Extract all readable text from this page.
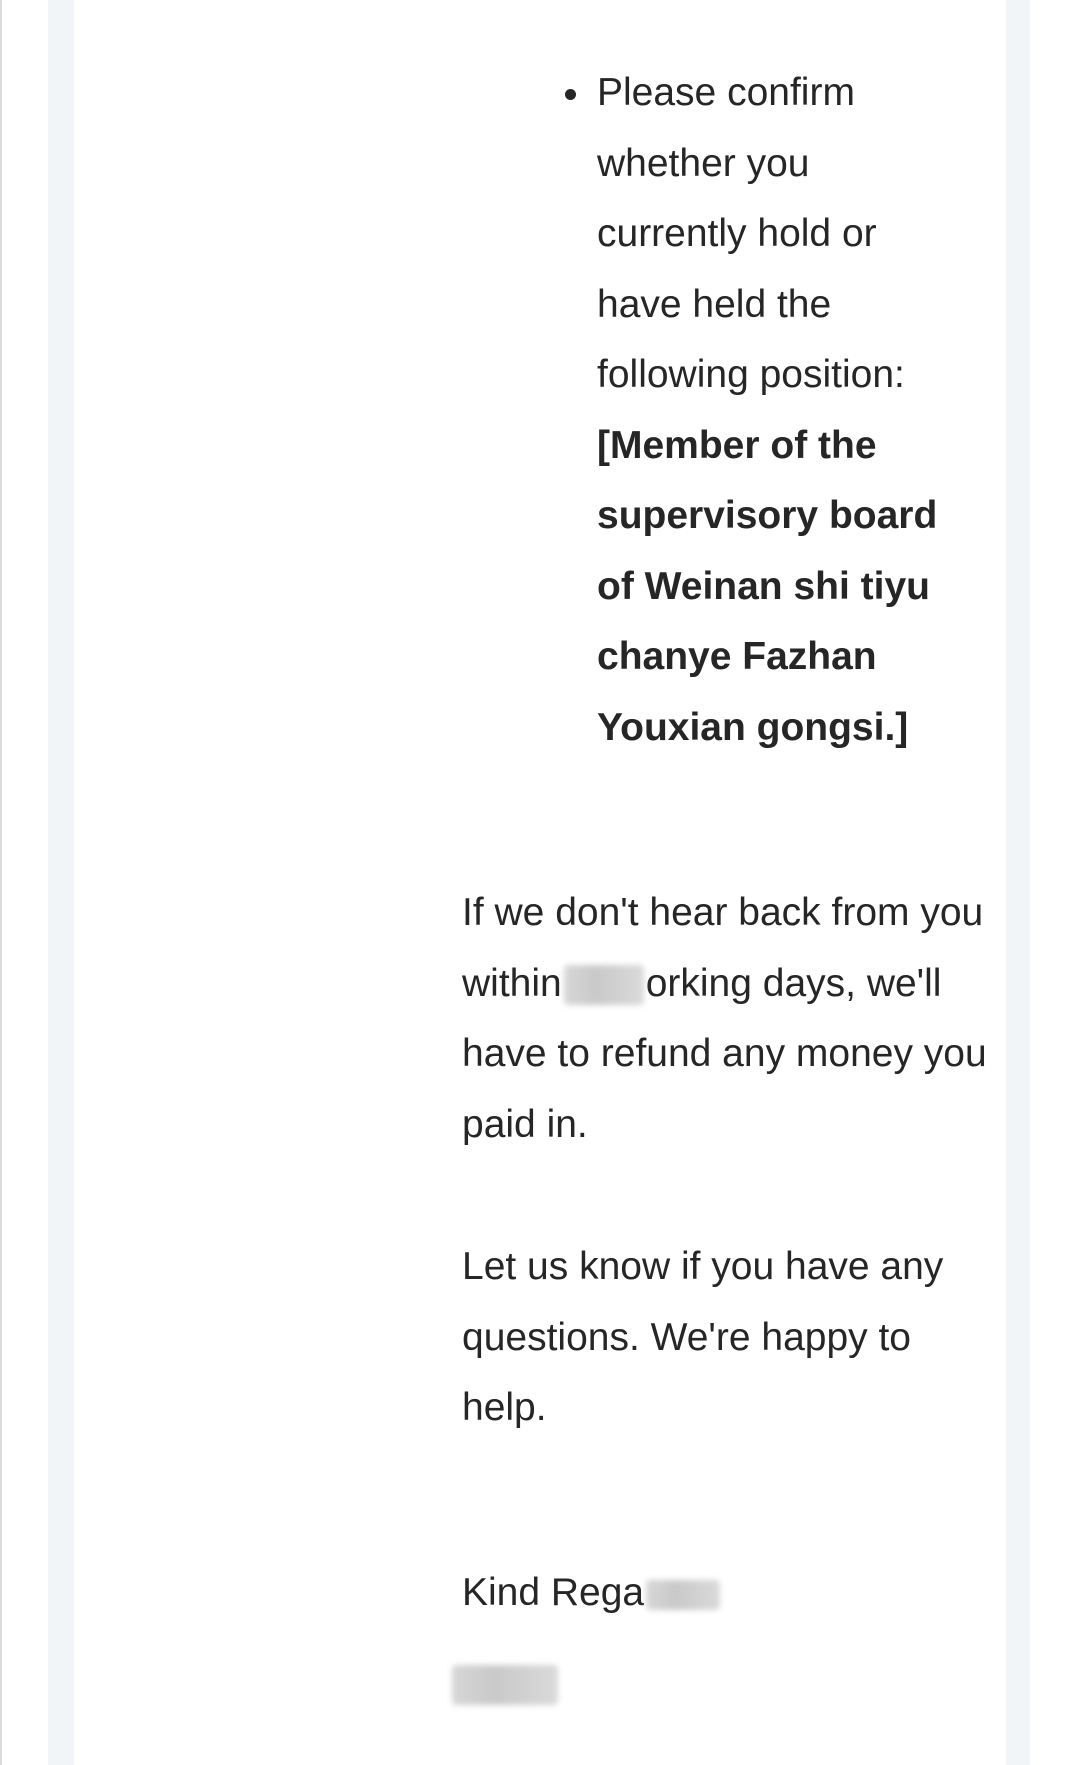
Please confirm whether you currently hold or have held the following position:
[Member of the supervisory board of Weinan shi tiyu chanye Fazhan Youxian gongsi.]

If we don't hear back from you within orking days, we'll have to refund any money you paid in.

Let us know if you have any questions. We're happy to help.

Kind Rega
